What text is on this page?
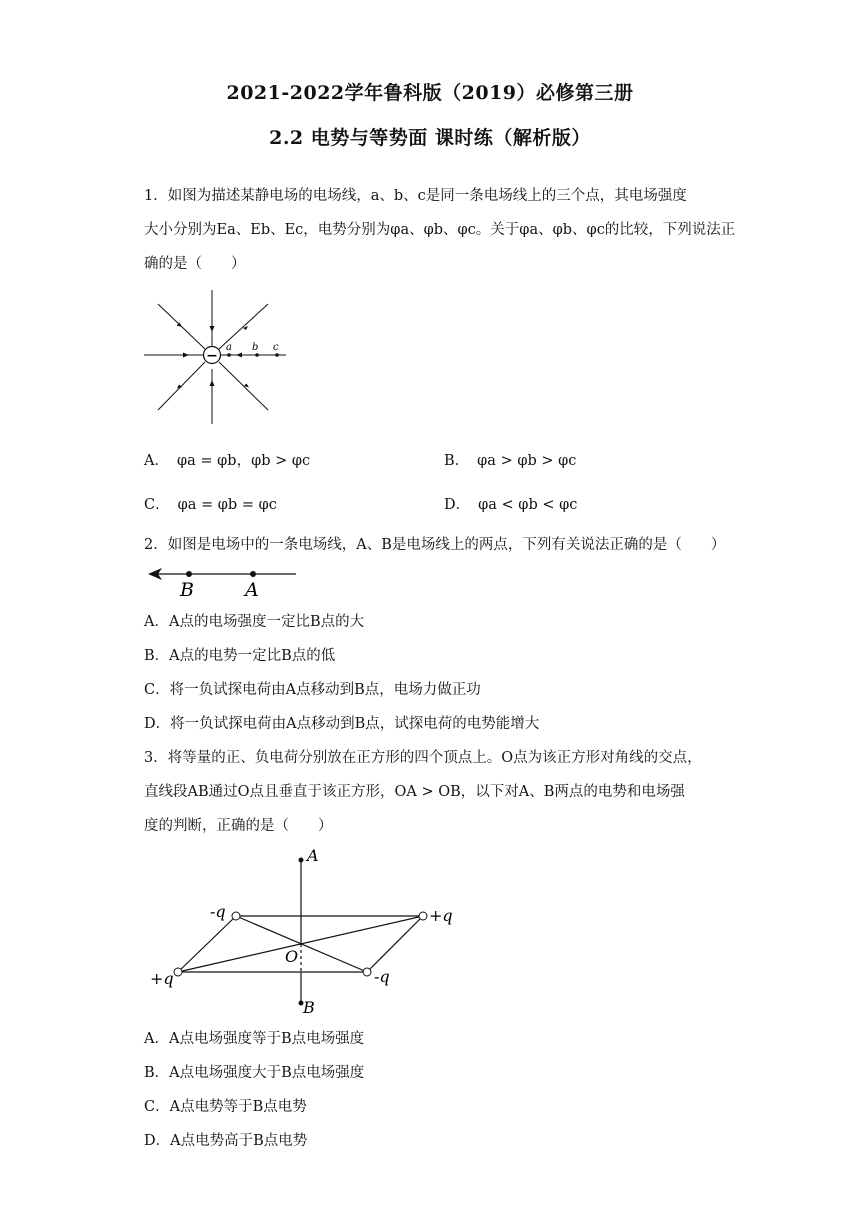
2021-2022学年鲁科版（2019）必修第三册
2.2 电势与等势面 课时练（解析版）
1．如图为描述某静电场的电场线，a、b、c是同一条电场线上的三个点，其电场强度
大小分别为Ea、Eb、Ec，电势分别为φa、φb、φc。关于φa、φb、φc的比较，下列说法正
确的是（　　）
−
a b c
A． φa = φb，φb > φc	B． φa > φb > φc
C． φa = φb = φc	D． φa < φb < φc
2．如图是电场中的一条电场线，A、B是电场线上的两点，下列有关说法正确的是（　　）
B	A
A．A点的电场强度一定比B点的大
B．A点的电势一定比B点的低
C．将一负试探电荷由A点移动到B点，电场力做正功
D．将一负试探电荷由A点移动到B点，试探电荷的电势能增大
3．将等量的正、负电荷分别放在正方形的四个顶点上。O点为该正方形对角线的交点，
直线段AB通过O点且垂直于该正方形，OA > OB，以下对A、B两点的电势和电场强
度的判断，正确的是（　　）
A
B
O
-q	+q
+q	-q
A．A点电场强度等于B点电场强度
B．A点电场强度大于B点电场强度
C．A点电势等于B点电势
D．A点电势高于B点电势
